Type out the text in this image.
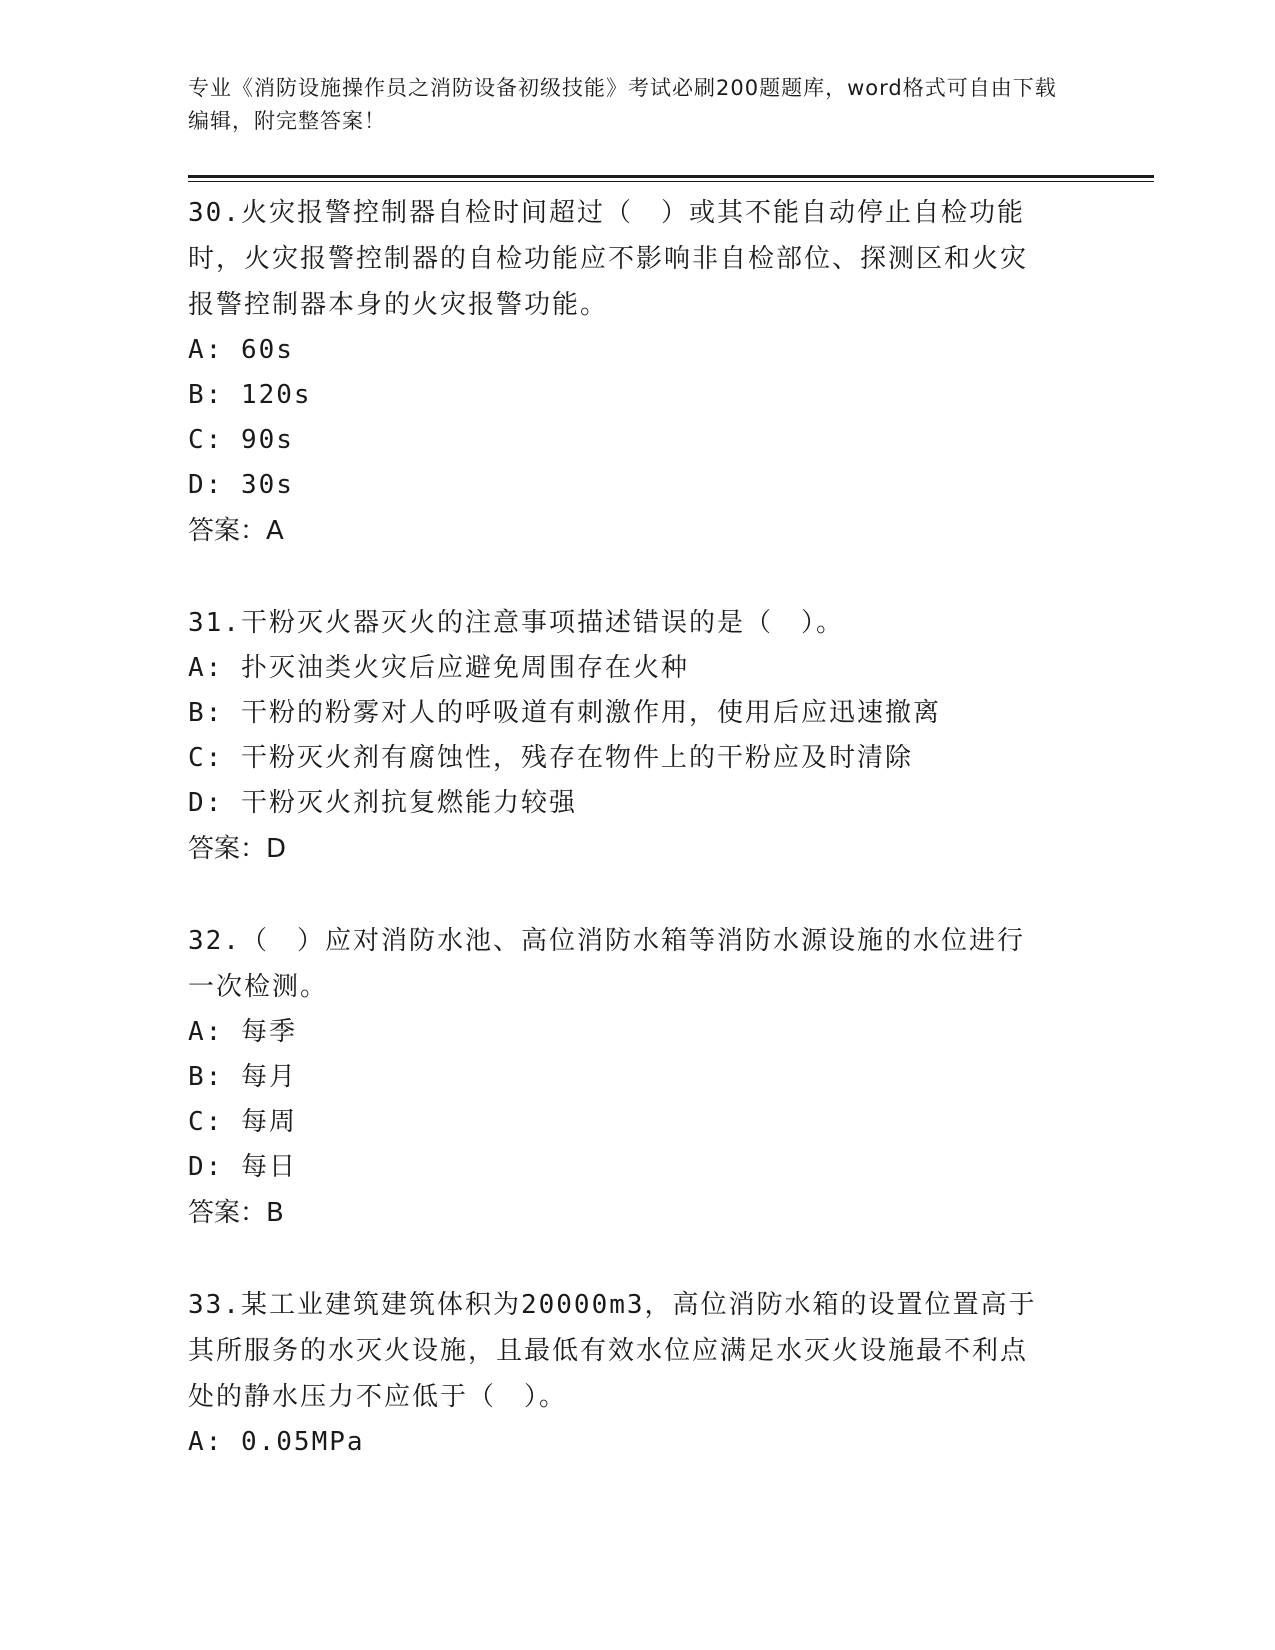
专业《消防设施操作员之消防设备初级技能》考试必刷200题题库，word格式可自由下载编辑，附完整答案！

30.火灾报警控制器自检时间超过（　）或其不能自动停止自检功能时，火灾报警控制器的自检功能应不影响非自检部位、探测区和火灾报警控制器本身的火灾报警功能。

A: 60s

B: 120s

C: 90s

D: 30s

答案：A

31.干粉灭火器灭火的注意事项描述错误的是（　）。

A: 扑灭油类火灾后应避免周围存在火种

B: 干粉的粉雾对人的呼吸道有刺激作用，使用后应迅速撤离

C: 干粉灭火剂有腐蚀性，残存在物件上的干粉应及时清除

D: 干粉灭火剂抗复燃能力较强

答案：D

32.（　）应对消防水池、高位消防水箱等消防水源设施的水位进行一次检测。

A: 每季

B: 每月

C: 每周

D: 每日

答案：B

33.某工业建筑建筑体积为20000m3，高位消防水箱的设置位置高于其所服务的水灭火设施，且最低有效水位应满足水灭火设施最不利点处的静水压力不应低于（　）。

A: 0.05MPa
